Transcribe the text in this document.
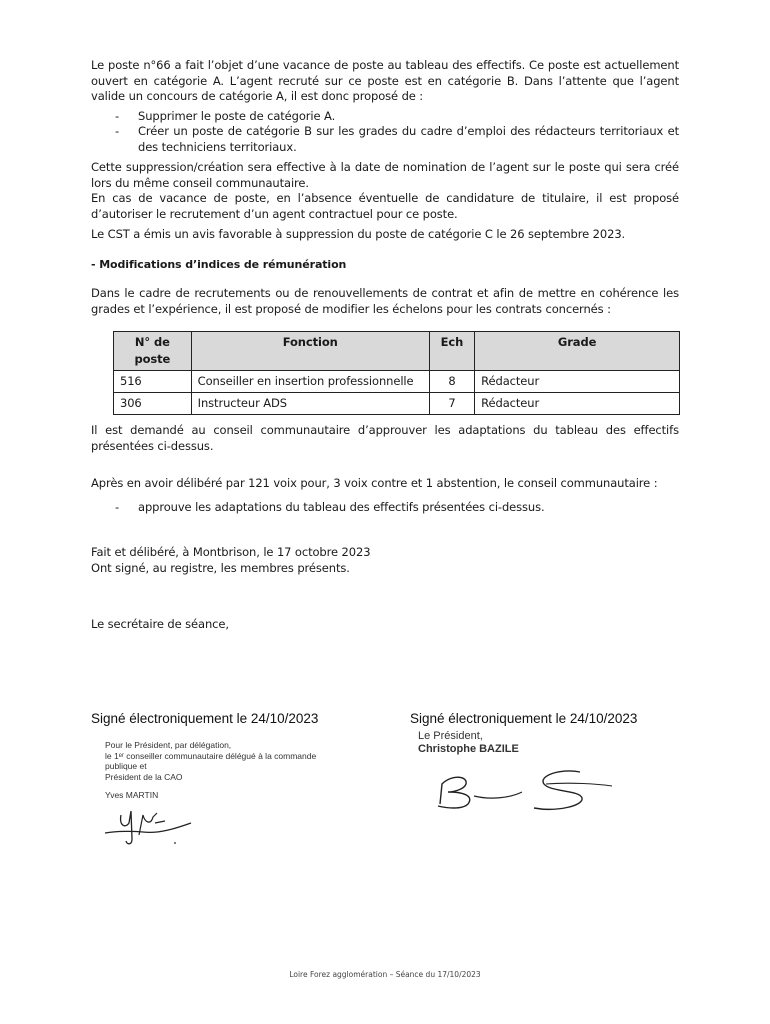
Le poste n°66 a fait l’objet d’une vacance de poste au tableau des effectifs. Ce poste est actuellement ouvert en catégorie A. L’agent recruté sur ce poste est en catégorie B. Dans l’attente que l’agent valide un concours de catégorie A, il est donc proposé de :

- Supprimer le poste de catégorie A.
- Créer un poste de catégorie B sur les grades du cadre d’emploi des rédacteurs territoriaux et des techniciens territoriaux.

Cette suppression/création sera effective à la date de nomination de l’agent sur le poste qui sera créé lors du même conseil communautaire.

En cas de vacance de poste, en l’absence éventuelle de candidature de titulaire, il est proposé d’autoriser le recrutement d’un agent contractuel pour ce poste.

Le CST a émis un avis favorable à suppression du poste de catégorie C le 26 septembre 2023.

- Modifications d’indices de rémunération

Dans le cadre de recrutements ou de renouvellements de contrat et afin de mettre en cohérence les grades et l’expérience, il est proposé de modifier les échelons pour les contrats concernés :

N° de poste	Fonction	Ech	Grade
516	Conseiller en insertion professionnelle	8	Rédacteur
306	Instructeur ADS	7	Rédacteur

Il est demandé au conseil communautaire d’approuver les adaptations du tableau des effectifs présentées ci-dessus.

Après en avoir délibéré par 121 voix pour, 3 voix contre et 1 abstention, le conseil communautaire :

- approuve les adaptations du tableau des effectifs présentées ci-dessus.

Fait et délibéré, à Montbrison, le 17 octobre 2023

Ont signé, au registre, les membres présents.

Le secrétaire de séance,

Signé électroniquement le 24/10/2023
Pour le Président, par délégation,
le 1ᵉʳ conseiller communautaire délégué à la commande
publique et
Président de la CAO
Yves MARTIN
Signé électroniquement le 24/10/2023
Le Président,
Christophe BAZILE
Loire Forez agglomération – Séance du 17/10/2023
